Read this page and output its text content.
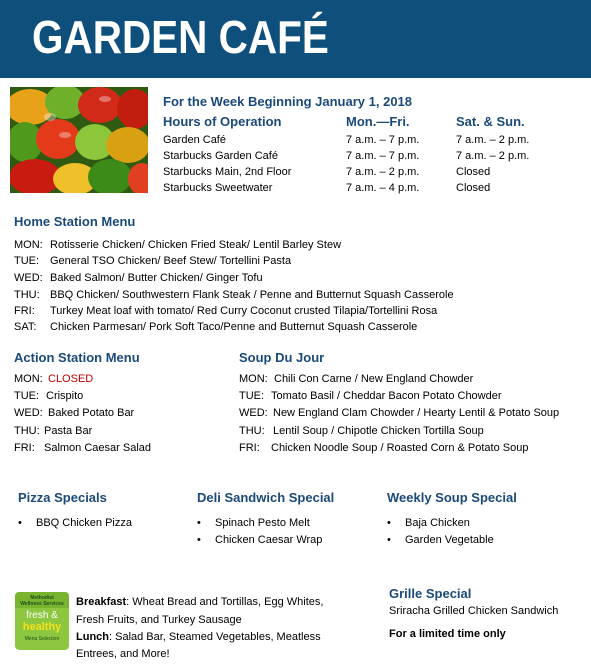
GARDEN CAFÉ
For the Week Beginning January 1, 2018
Hours of Operation	Mon.—Fri.	Sat. & Sun.
Garden Café	7 a.m. – 7 p.m.	7 a.m. – 2 p.m.
Starbucks Garden Café	7 a.m. – 7 p.m.	7 a.m. – 2 p.m.
Starbucks Main, 2nd Floor	7 a.m. – 2 p.m.	Closed
Starbucks Sweetwater	7 a.m. – 4 p.m.	Closed
Home Station Menu
MON: Rotisserie Chicken/ Chicken Fried Steak/ Lentil Barley Stew
TUE: General TSO Chicken/ Beef Stew/ Tortellini Pasta
WED: Baked Salmon/ Butter Chicken/ Ginger Tofu
THU: BBQ Chicken/ Southwestern Flank Steak / Penne and Butternut Squash Casserole
FRI: Turkey Meat loaf with tomato/ Red Curry Coconut crusted Tilapia/Tortellini Rosa
SAT: Chicken Parmesan/ Pork Soft Taco/Penne and Butternut Squash Casserole
Action Station Menu
MON: CLOSED
TUE: Crispito
WED: Baked Potato Bar
THU: Pasta Bar
FRI: Salmon Caesar Salad
Soup Du Jour
MON: Chili Con Carne / New England Chowder
TUE: Tomato Basil / Cheddar Bacon Potato Chowder
WED: New England Clam Chowder / Hearty Lentil & Potato Soup
THU: Lentil Soup / Chipotle Chicken Tortilla Soup
FRI: Chicken Noodle Soup / Roasted Corn & Potato Soup
Pizza Specials
• BBQ Chicken Pizza
Deli Sandwich Special
• Spinach Pesto Melt
• Chicken Caesar Wrap
Weekly Soup Special
• Baja Chicken
• Garden Vegetable
Methodist
Wellness Services
fresh &
healthy
Menu Selection
Breakfast: Wheat Bread and Tortillas, Egg Whites,
Fresh Fruits, and Turkey Sausage
Lunch: Salad Bar, Steamed Vegetables, Meatless
Entrees, and More!
Grille Special
Sriracha Grilled Chicken Sandwich
For a limited time only
